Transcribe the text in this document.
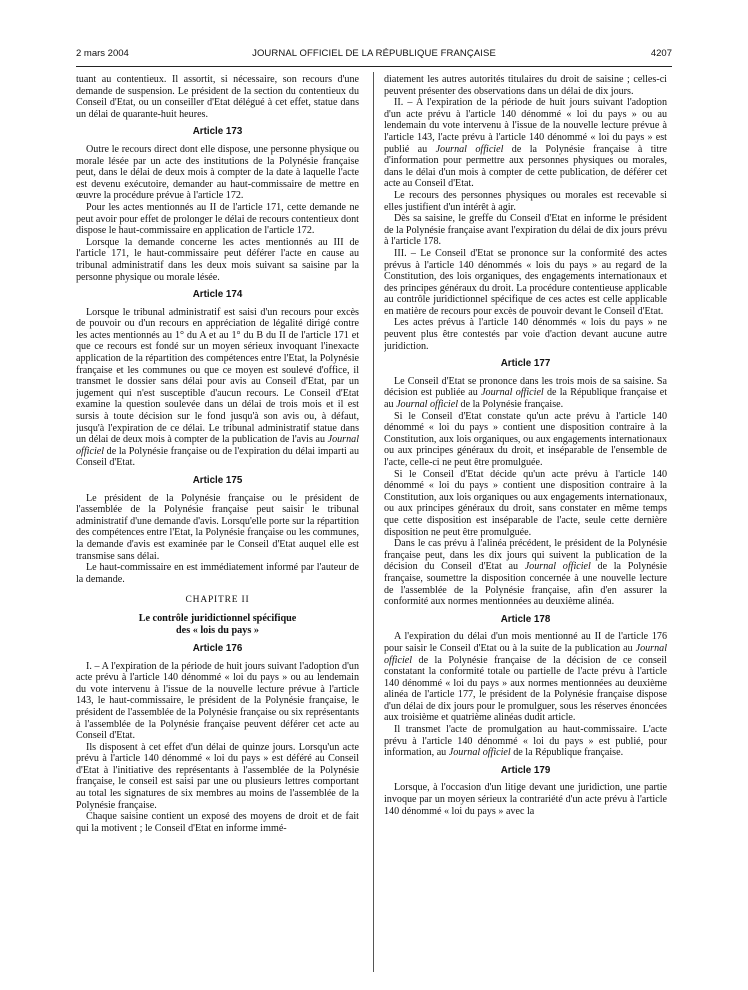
2 mars 2004	JOURNAL OFFICIEL DE LA RÉPUBLIQUE FRANÇAISE	4207

tuant au contentieux. Il assortit, si nécessaire, son recours d'une demande de suspension. Le président de la section du contentieux du Conseil d'Etat, ou un conseiller d'Etat délégué à cet effet, statue dans un délai de quarante-huit heures.

Article 173

Outre le recours direct dont elle dispose, une personne physique ou morale lésée par un acte des institutions de la Polynésie française peut, dans le délai de deux mois à compter de la date à laquelle l'acte est devenu exécutoire, demander au haut-commissaire de mettre en œuvre la procédure prévue à l'article 172.

Pour les actes mentionnés au II de l'article 171, cette demande ne peut avoir pour effet de prolonger le délai de recours contentieux dont dispose le haut-commissaire en application de l'article 172.

Lorsque la demande concerne les actes mentionnés au III de l'article 171, le haut-commissaire peut déférer l'acte en cause au tribunal administratif dans les deux mois suivant sa saisine par la personne physique ou morale lésée.

Article 174

Lorsque le tribunal administratif est saisi d'un recours pour excès de pouvoir ou d'un recours en appréciation de légalité dirigé contre les actes mentionnés au 1° du A et au 1° du B du II de l'article 171 et que ce recours est fondé sur un moyen sérieux invoquant l'inexacte application de la répartition des compétences entre l'Etat, la Polynésie française et les communes ou que ce moyen est soulevé d'office, il transmet le dossier sans délai pour avis au Conseil d'Etat, par un jugement qui n'est susceptible d'aucun recours. Le Conseil d'Etat examine la question soulevée dans un délai de trois mois et il est sursis à toute décision sur le fond jusqu'à son avis ou, à défaut, jusqu'à l'expiration de ce délai. Le tribunal administratif statue dans un délai de deux mois à compter de la publication de l'avis au Journal officiel de la Polynésie française ou de l'expiration du délai imparti au Conseil d'Etat.

Article 175

Le président de la Polynésie française ou le président de l'assemblée de la Polynésie française peut saisir le tribunal administratif d'une demande d'avis. Lorsqu'elle porte sur la répartition des compétences entre l'Etat, la Polynésie française ou les communes, la demande d'avis est examinée par le Conseil d'Etat auquel elle est transmise sans délai.

Le haut-commissaire en est immédiatement informé par l'auteur de la demande.

CHAPITRE II
Le contrôle juridictionnel spécifique
des « lois du pays »
Article 176

I. – A l'expiration de la période de huit jours suivant l'adoption d'un acte prévu à l'article 140 dénommé « loi du pays » ou au lendemain du vote intervenu à l'issue de la nouvelle lecture prévue à l'article 143, le haut-commissaire, le président de la Polynésie française, le président de l'assemblée de la Polynésie française ou six représentants à l'assemblée de la Polynésie française peuvent déférer cet acte au Conseil d'Etat.

Ils disposent à cet effet d'un délai de quinze jours. Lorsqu'un acte prévu à l'article 140 dénommé « loi du pays » est déféré au Conseil d'Etat à l'initiative des représentants à l'assemblée de la Polynésie française, le conseil est saisi par une ou plusieurs lettres comportant au total les signatures de six membres au moins de l'assemblée de la Polynésie française.

Chaque saisine contient un exposé des moyens de droit et de fait qui la motivent ; le Conseil d'Etat en informe immé-

diatement les autres autorités titulaires du droit de saisine ; celles-ci peuvent présenter des observations dans un délai de dix jours.

II. – A l'expiration de la période de huit jours suivant l'adoption d'un acte prévu à l'article 140 dénommé « loi du pays » ou au lendemain du vote intervenu à l'issue de la nouvelle lecture prévue à l'article 143, l'acte prévu à l'article 140 dénommé « loi du pays » est publié au Journal officiel de la Polynésie française à titre d'information pour permettre aux personnes physiques ou morales, dans le délai d'un mois à compter de cette publication, de déférer cet acte au Conseil d'Etat.

Le recours des personnes physiques ou morales est recevable si elles justifient d'un intérêt à agir.

Dès sa saisine, le greffe du Conseil d'Etat en informe le président de la Polynésie française avant l'expiration du délai de dix jours prévu à l'article 178.

III. – Le Conseil d'Etat se prononce sur la conformité des actes prévus à l'article 140 dénommés « lois du pays » au regard de la Constitution, des lois organiques, des engagements internationaux et des principes généraux du droit. La procédure contentieuse applicable au contrôle juridictionnel spécifique de ces actes est celle applicable en matière de recours pour excès de pouvoir devant le Conseil d'Etat.

Les actes prévus à l'article 140 dénommés « lois du pays » ne peuvent plus être contestés par voie d'action devant aucune autre juridiction.

Article 177

Le Conseil d'Etat se prononce dans les trois mois de sa saisine. Sa décision est publiée au Journal officiel de la République française et au Journal officiel de la Polynésie française.

Si le Conseil d'Etat constate qu'un acte prévu à l'article 140 dénommé « loi du pays » contient une disposition contraire à la Constitution, aux lois organiques, ou aux engagements internationaux ou aux principes généraux du droit, et inséparable de l'ensemble de l'acte, celle-ci ne peut être promulguée.

Si le Conseil d'Etat décide qu'un acte prévu à l'article 140 dénommé « loi du pays » contient une disposition contraire à la Constitution, aux lois organiques ou aux engagements internationaux, ou aux principes généraux du droit, sans constater en même temps que cette disposition est inséparable de l'acte, seule cette dernière disposition ne peut être promulguée.

Dans le cas prévu à l'alinéa précédent, le président de la Polynésie française peut, dans les dix jours qui suivent la publication de la décision du Conseil d'Etat au Journal officiel de la Polynésie française, soumettre la disposition concernée à une nouvelle lecture de l'assemblée de la Polynésie française, afin d'en assurer la conformité aux normes mentionnées au deuxième alinéa.

Article 178

A l'expiration du délai d'un mois mentionné au II de l'article 176 pour saisir le Conseil d'Etat ou à la suite de la publication au Journal officiel de la Polynésie française de la décision de ce conseil constatant la conformité totale ou partielle de l'acte prévu à l'article 140 dénommé « loi du pays » aux normes mentionnées au deuxième alinéa de l'article 177, le président de la Polynésie française dispose d'un délai de dix jours pour le promulguer, sous les réserves énoncées aux troisième et quatrième alinéas dudit article.

Il transmet l'acte de promulgation au haut-commissaire. L'acte prévu à l'article 140 dénommé « loi du pays » est publié, pour information, au Journal officiel de la République française.

Article 179

Lorsque, à l'occasion d'un litige devant une juridiction, une partie invoque par un moyen sérieux la contrariété d'un acte prévu à l'article 140 dénommé « loi du pays » avec la
